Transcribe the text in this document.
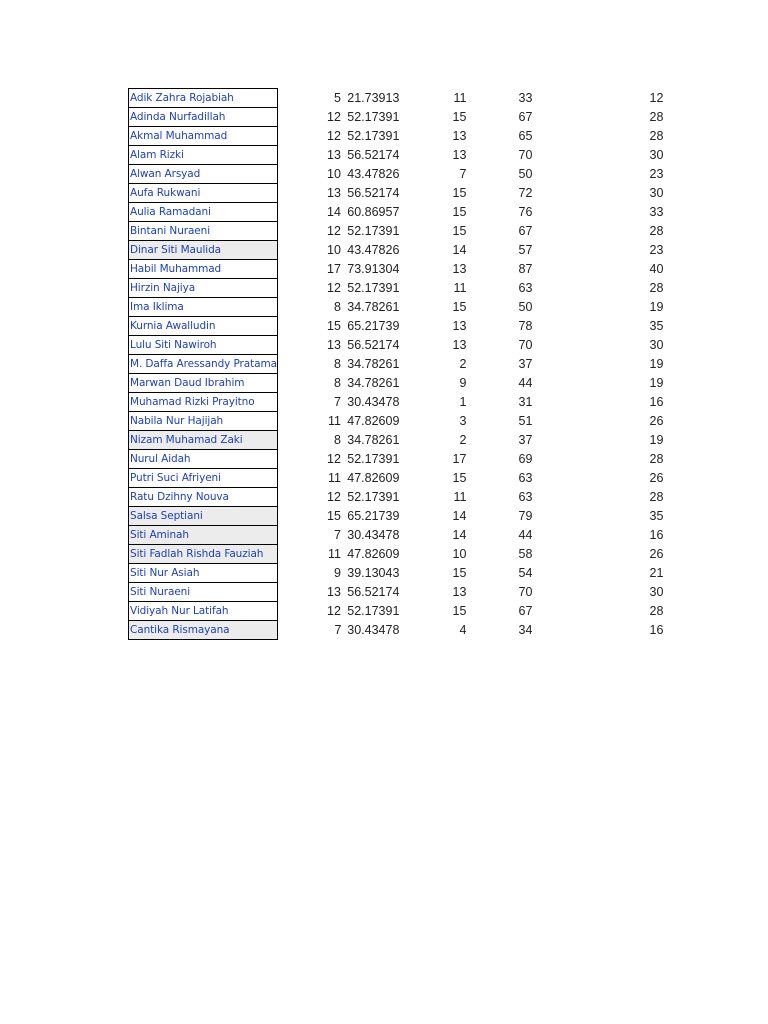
Adik Zahra Rojabiah	5	21.73913	11	33	12
Adinda Nurfadillah	12	52.17391	15	67	28
Akmal Muhammad	12	52.17391	13	65	28
Alam Rizki	13	56.52174	13	70	30
Alwan Arsyad	10	43.47826	7	50	23
Aufa Rukwani	13	56.52174	15	72	30
Aulia Ramadani	14	60.86957	15	76	33
Bintani Nuraeni	12	52.17391	15	67	28
Dinar Siti Maulida	10	43.47826	14	57	23
Habil Muhammad	17	73.91304	13	87	40
Hirzin Najiya	12	52.17391	11	63	28
Ima Iklima	8	34.78261	15	50	19
Kurnia Awalludin	15	65.21739	13	78	35
Lulu Siti Nawiroh	13	56.52174	13	70	30
M. Daffa Aressandy Pratama	8	34.78261	2	37	19
Marwan Daud Ibrahim	8	34.78261	9	44	19
Muhamad Rizki Prayitno	7	30.43478	1	31	16
Nabila Nur Hajijah	11	47.82609	3	51	26
Nizam Muhamad Zaki	8	34.78261	2	37	19
Nurul Aidah	12	52.17391	17	69	28
Putri Suci Afriyeni	11	47.82609	15	63	26
Ratu Dzihny Nouva	12	52.17391	11	63	28
Salsa Septiani	15	65.21739	14	79	35
Siti Aminah	7	30.43478	14	44	16
Siti Fadlah Rishda Fauziah	11	47.82609	10	58	26
Siti Nur Asiah	9	39.13043	15	54	21
Siti Nuraeni	13	56.52174	13	70	30
Vidiyah Nur Latifah	12	52.17391	15	67	28
Cantika Rismayana	7	30.43478	4	34	16
